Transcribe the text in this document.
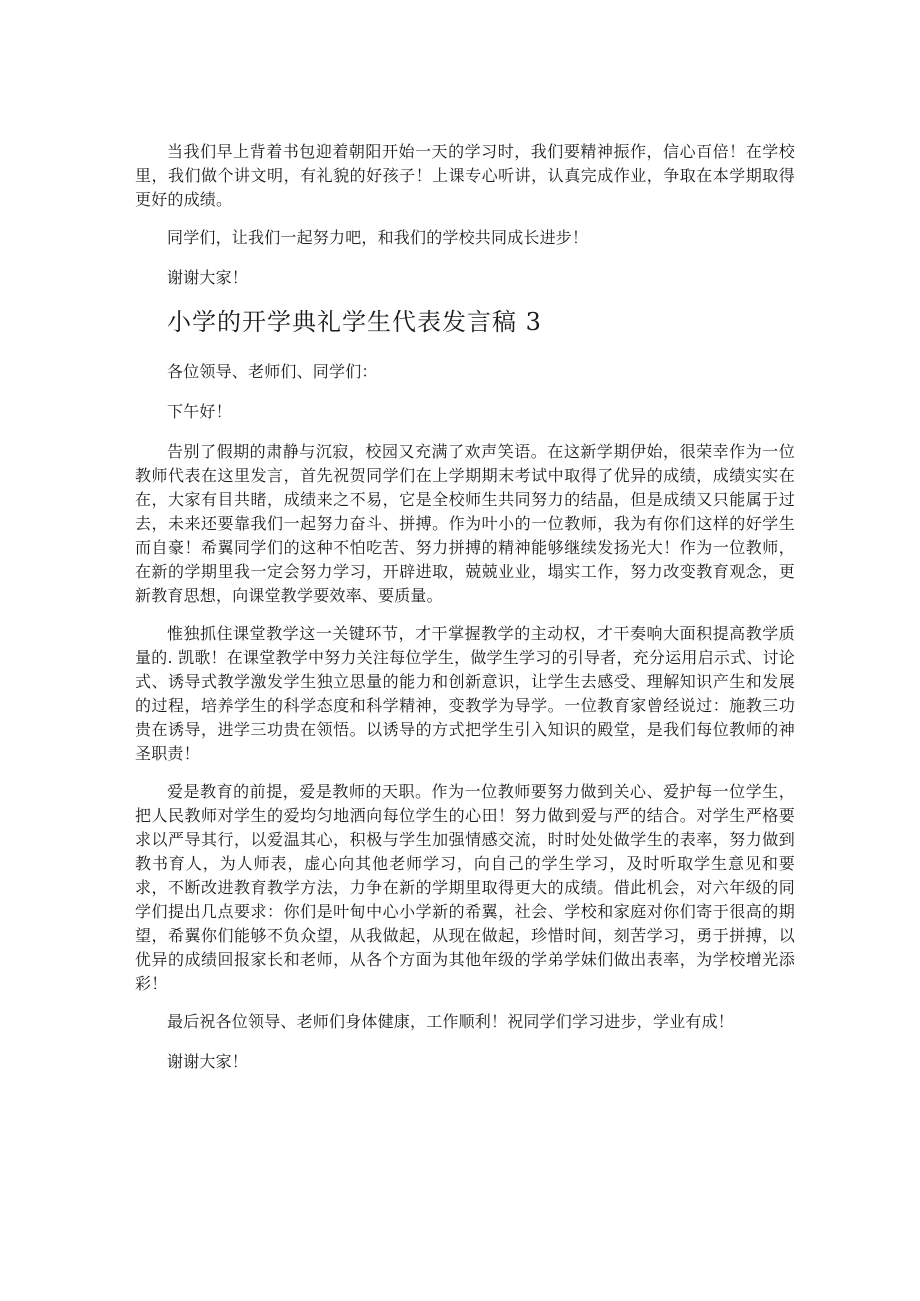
当我们早上背着书包迎着朝阳开始一天的学习时，我们要精神振作，信心百倍！在学校里，我们做个讲文明，有礼貌的好孩子！上课专心听讲，认真完成作业，争取在本学期取得更好的成绩。

同学们，让我们一起努力吧，和我们的学校共同成长进步！

谢谢大家！

小学的开学典礼学生代表发言稿 3

各位领导、老师们、同学们：

下午好！

告别了假期的肃静与沉寂，校园又充满了欢声笑语。在这新学期伊始，很荣幸作为一位教师代表在这里发言，首先祝贺同学们在上学期期末考试中取得了优异的成绩，成绩实实在在，大家有目共睹，成绩来之不易，它是全校师生共同努力的结晶，但是成绩又只能属于过去，未来还要靠我们一起努力奋斗、拼搏。作为叶小的一位教师，我为有你们这样的好学生而自豪！希翼同学们的这种不怕吃苦、努力拼搏的精神能够继续发扬光大！作为一位教师，在新的学期里我一定会努力学习，开辟进取，兢兢业业，塌实工作，努力改变教育观念，更新教育思想，向课堂教学要效率、要质量。

惟独抓住课堂教学这一关键环节，才干掌握教学的主动权，才干奏响大面积提高教学质量的. 凯歌！在课堂教学中努力关注每位学生，做学生学习的引导者，充分运用启示式、讨论式、诱导式教学激发学生独立思量的能力和创新意识，让学生去感受、理解知识产生和发展的过程，培养学生的科学态度和科学精神，变教学为导学。一位教育家曾经说过：施教三功贵在诱导，进学三功贵在领悟。以诱导的方式把学生引入知识的殿堂，是我们每位教师的神圣职责！

爱是教育的前提，爱是教师的天职。作为一位教师要努力做到关心、爱护每一位学生，把人民教师对学生的爱均匀地洒向每位学生的心田！努力做到爱与严的结合。对学生严格要求以严导其行，以爱温其心，积极与学生加强情感交流，时时处处做学生的表率，努力做到教书育人，为人师表，虚心向其他老师学习，向自己的学生学习，及时听取学生意见和要求，不断改进教育教学方法，力争在新的学期里取得更大的成绩。借此机会，对六年级的同学们提出几点要求：你们是叶甸中心小学新的希翼，社会、学校和家庭对你们寄于很高的期望，希翼你们能够不负众望，从我做起，从现在做起，珍惜时间，刻苦学习，勇于拼搏，以优异的成绩回报家长和老师，从各个方面为其他年级的学弟学妹们做出表率，为学校增光添彩！

最后祝各位领导、老师们身体健康，工作顺利！祝同学们学习进步，学业有成！

谢谢大家！
